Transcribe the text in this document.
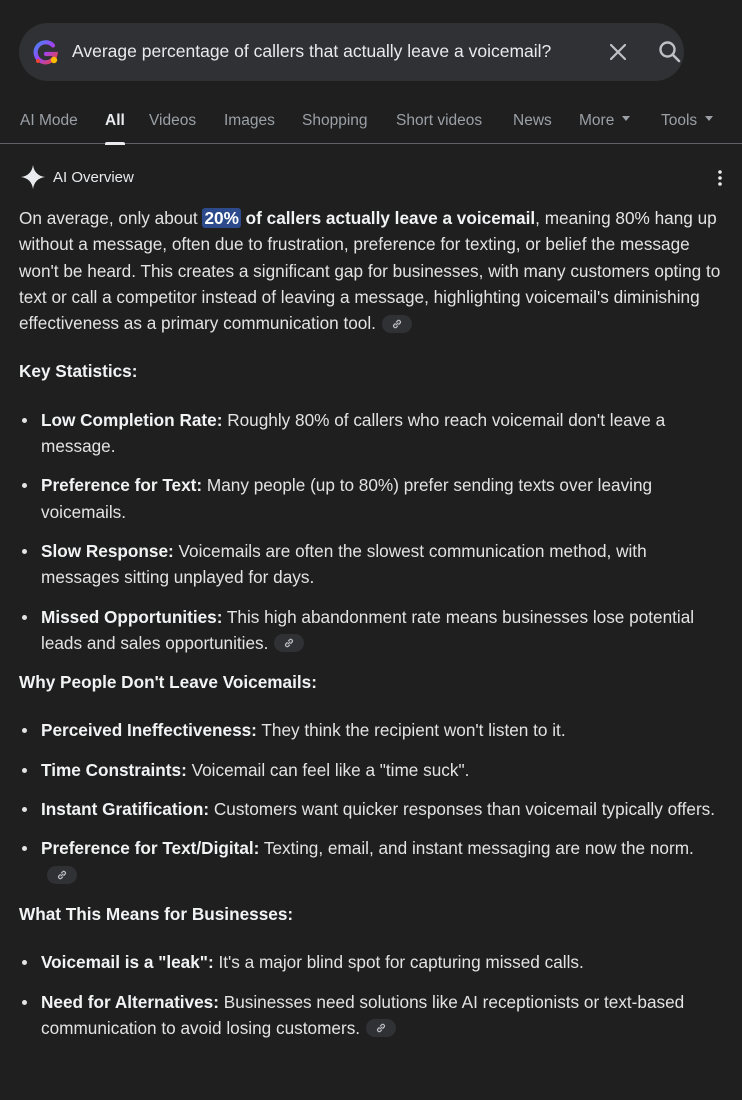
Average percentage of callers that actually leave a voicemail?
AI Mode All Videos Images Shopping Short videos News More	Tools
AI Overview

On average, only about 20% of callers actually leave a voicemail, meaning 80% hang up without a message, often due to frustration, preference for texting, or belief the message won't be heard. This creates a significant gap for businesses, with many customers opting to text or call a competitor instead of leaving a message, highlighting voicemail's diminishing effectiveness as a primary communication tool.

Key Statistics:
Low Completion Rate: Roughly 80% of callers who reach voicemail don't leave a message.
Preference for Text: Many people (up to 80%) prefer sending texts over leaving voicemails.
Slow Response: Voicemails are often the slowest communication method, with messages sitting unplayed for days.
Missed Opportunities: This high abandonment rate means businesses lose potential leads and sales opportunities.
Why People Don't Leave Voicemails:
Perceived Ineffectiveness: They think the recipient won't listen to it.
Time Constraints: Voicemail can feel like a "time suck".
Instant Gratification: Customers want quicker responses than voicemail typically offers.
Preference for Text/Digital: Texting, email, and instant messaging are now the norm.
What This Means for Businesses:
Voicemail is a "leak": It's a major blind spot for capturing missed calls.
Need for Alternatives: Businesses need solutions like AI receptionists or text-based communication to avoid losing customers.
